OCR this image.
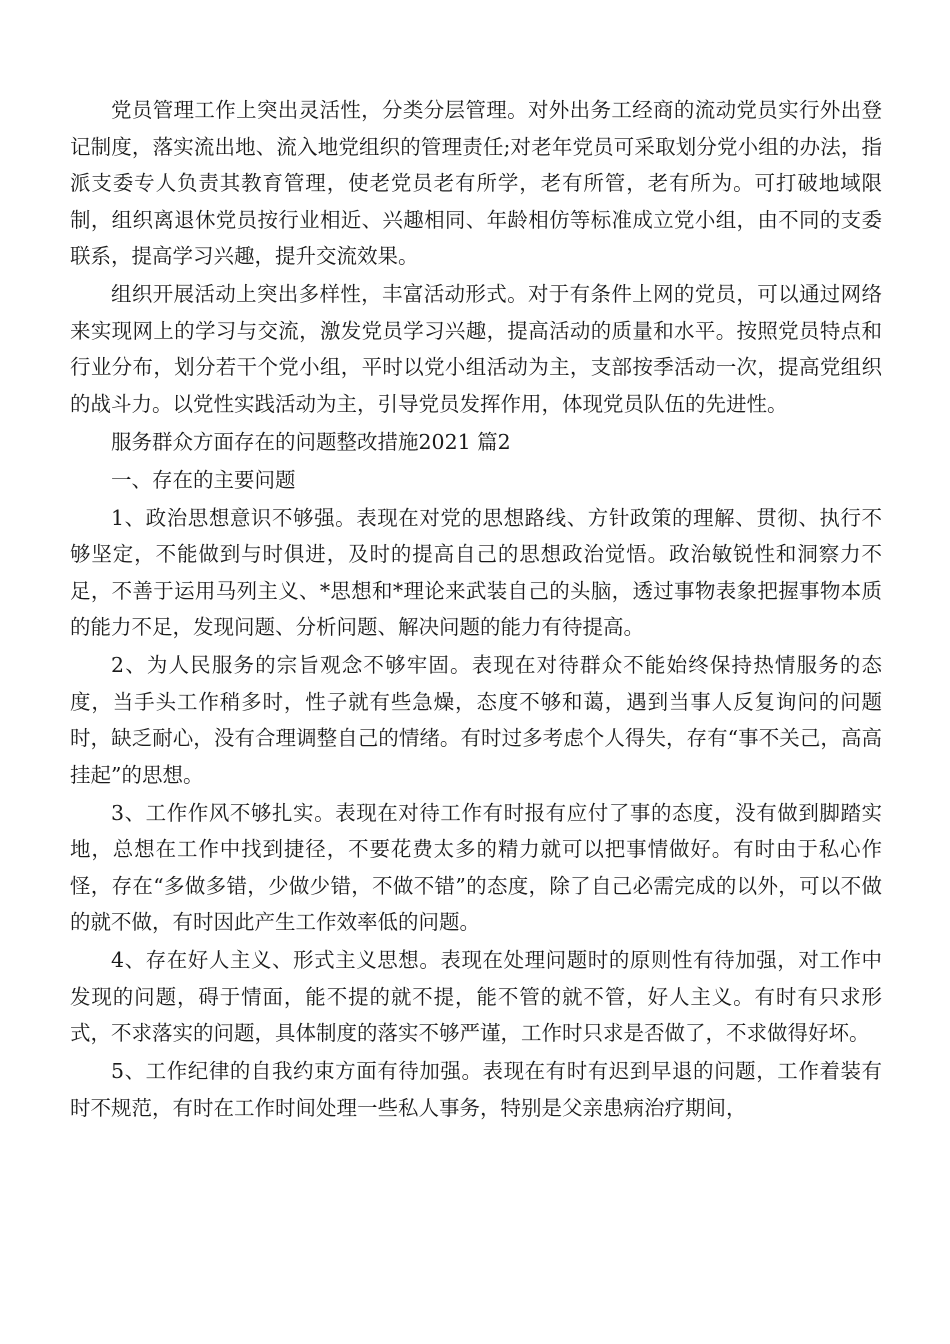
党员管理工作上突出灵活性，分类分层管理。对外出务工经商的流动党员实行外出登记制度，落实流出地、流入地党组织的管理责任;对老年党员可采取划分党小组的办法，指派支委专人负责其教育管理，使老党员老有所学，老有所管，老有所为。可打破地域限制，组织离退休党员按行业相近、兴趣相同、年龄相仿等标准成立党小组，由不同的支委联系，提高学习兴趣，提升交流效果。

组织开展活动上突出多样性，丰富活动形式。对于有条件上网的党员，可以通过网络来实现网上的学习与交流，激发党员学习兴趣，提高活动的质量和水平。按照党员特点和行业分布，划分若干个党小组，平时以党小组活动为主，支部按季活动一次，提高党组织的战斗力。以党性实践活动为主，引导党员发挥作用，体现党员队伍的先进性。

服务群众方面存在的问题整改措施2021 篇2

一、存在的主要问题

1、政治思想意识不够强。表现在对党的思想路线、方针政策的理解、贯彻、执行不够坚定，不能做到与时俱进，及时的提高自己的思想政治觉悟。政治敏锐性和洞察力不足，不善于运用马列主义、*思想和*理论来武装自己的头脑，透过事物表象把握事物本质的能力不足，发现问题、分析问题、解决问题的能力有待提高。

2、为人民服务的宗旨观念不够牢固。表现在对待群众不能始终保持热情服务的态度，当手头工作稍多时，性子就有些急燥，态度不够和蔼，遇到当事人反复询问的问题时，缺乏耐心，没有合理调整自己的情绪。有时过多考虑个人得失，存有“事不关己，高高挂起”的思想。

3、工作作风不够扎实。表现在对待工作有时报有应付了事的态度，没有做到脚踏实地，总想在工作中找到捷径，不要花费太多的精力就可以把事情做好。有时由于私心作怪，存在“多做多错，少做少错，不做不错”的态度，除了自己必需完成的以外，可以不做的就不做，有时因此产生工作效率低的问题。

4、存在好人主义、形式主义思想。表现在处理问题时的原则性有待加强，对工作中发现的问题，碍于情面，能不提的就不提，能不管的就不管，好人主义。有时有只求形式，不求落实的问题，具体制度的落实不够严谨，工作时只求是否做了，不求做得好坏。

5、工作纪律的自我约束方面有待加强。表现在有时有迟到早退的问题，工作着装有时不规范，有时在工作时间处理一些私人事务，特别是父亲患病治疗期间，
